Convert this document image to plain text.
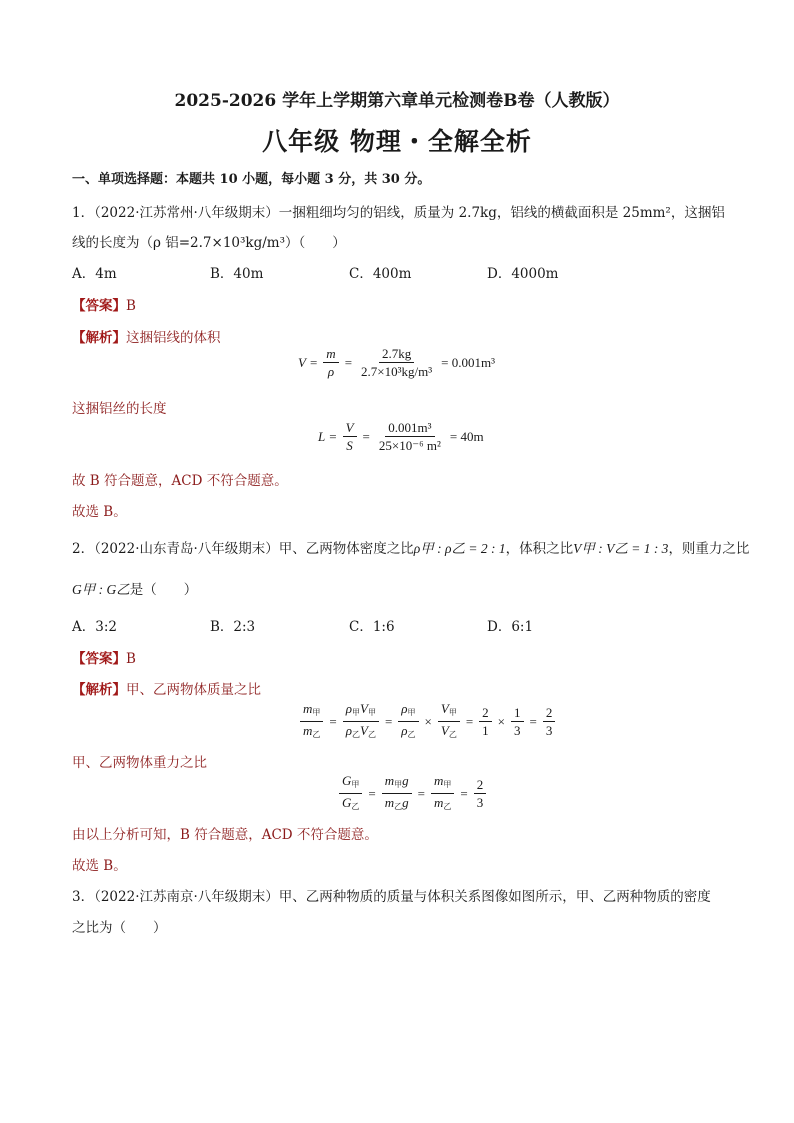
2025-2026 学年上学期第六章单元检测卷B卷（人教版）
八年级 物理・全解全析
一、单项选择题：本题共 10 小题，每小题 3 分，共 30 分。
1．（2022·江苏常州·八年级期末）一捆粗细均匀的铝线，质量为 2.7kg，铝线的横截面积是 25mm²，这捆铝
线的长度为（ρ 铝=2.7×10³kg/m³）（　　）
A．4m	B．40m	C．400m	D．4000m
【答案】B
【解析】这捆铝线的体积
$V = \frac{m}{\rho} = \frac{2.7kg}{\text{2.7×10³kg/m³}} = 0.001m^3$
这捆铝丝的长度
$L = \frac{V}{S} = \frac{\text{0.001m³}}{\text{25×10⁻⁶ m²}} = 40m$
故 B 符合题意，ACD 不符合题意。
故选 B。
2．（2022·山东青岛·八年级期末）甲、乙两物体密度之比ρ甲 : ρ乙 = 2 : 1，体积之比V甲 : V乙 = 1 : 3，则重力之比
G甲 : G乙是（　　）
A．3:2	B．2:3	C．1:6	D．6:1
【答案】B
【解析】甲、乙两物体质量之比
$\frac{m_甲}{m_乙} = \frac{\rho_甲V_甲}{\rho_乙V_乙} = \frac{\rho_甲}{\rho_乙} \times \frac{V_甲}{V_乙} = \frac{2}{1} \times \frac{1}{3} = \frac{2}{3}$
甲、乙两物体重力之比
$\frac{G_甲}{G_乙} = \frac{m_甲g}{m_乙g} = \frac{m_甲}{m_乙} = \frac{2}{3}$
由以上分析可知，B 符合题意，ACD 不符合题意。
故选 B。
3．（2022·江苏南京·八年级期末）甲、乙两种物质的质量与体积关系图像如图所示，甲、乙两种物质的密度
之比为（　　）
